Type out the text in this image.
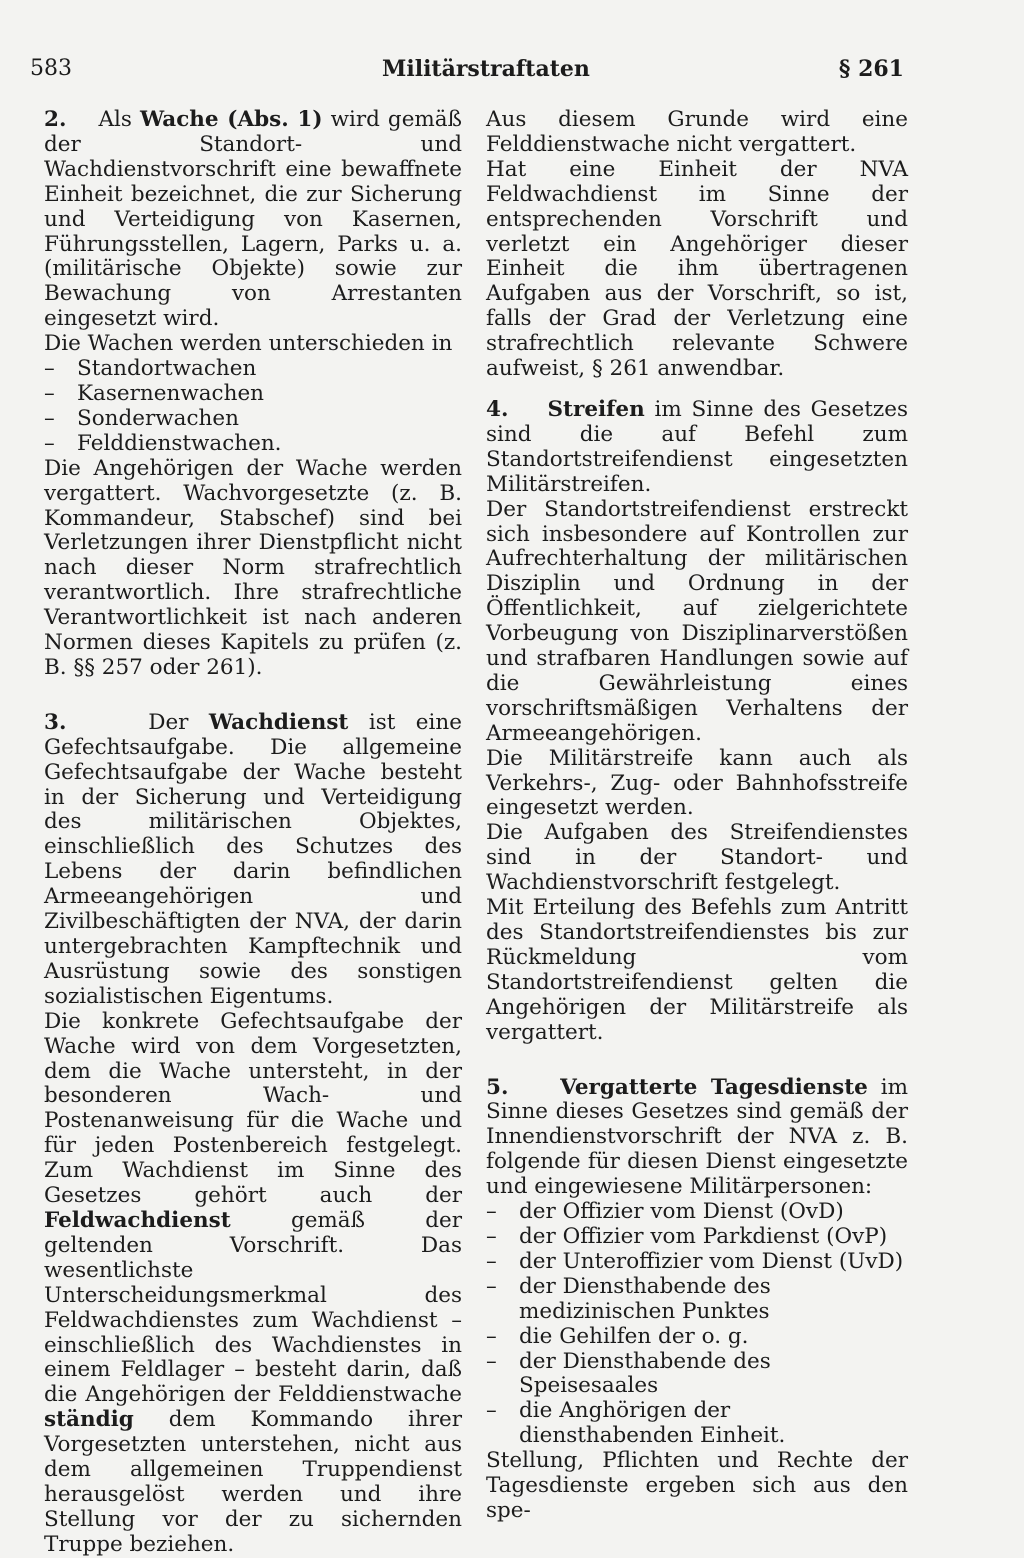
583	Militärstraftaten	§ 261

2. Als Wache (Abs. 1) wird gemäß der Standort- und Wachdienstvorschrift eine bewaffnete Einheit bezeichnet, die zur Sicherung und Verteidigung von Kasernen, Führungsstellen, Lagern, Parks u. a. (militärische Objekte) sowie zur Bewachung von Arrestanten eingesetzt wird.

Die Wachen werden unterschieden in

– Standortwachen
– Kasernenwachen
– Sonderwachen
– Felddienstwachen.

Die Angehörigen der Wache werden vergattert. Wachvorgesetzte (z. B. Kommandeur, Stabschef) sind bei Verletzungen ihrer Dienstpflicht nicht nach dieser Norm strafrechtlich verantwortlich. Ihre strafrechtliche Verantwortlichkeit ist nach anderen Normen dieses Kapitels zu prüfen (z. B. §§ 257 oder 261).

3.	Der Wachdienst ist eine Gefechtsaufgabe. Die allgemeine Gefechtsaufgabe der Wache besteht in der Sicherung und Verteidigung des militärischen Objektes, einschließlich des Schutzes des Lebens der darin befindlichen Armeeangehörigen und Zivilbeschäftigten der NVA, der darin untergebrachten Kampftechnik und Ausrüstung sowie des sonstigen sozialistischen Eigentums.

Die konkrete Gefechtsaufgabe der Wache wird von dem Vorgesetzten, dem die Wache untersteht, in der besonderen Wach- und Postenanweisung für die Wache und für jeden Postenbereich festgelegt. Zum Wachdienst im Sinne des Gesetzes gehört auch der Feldwachdienst	gemäß der geltenden Vorschrift. Das wesentlichste Unterscheidungsmerkmal des Feldwachdienstes zum Wachdienst – einschließlich des Wachdienstes in einem Feldlager – besteht darin, daß die Angehörigen der Felddienstwache ständig dem Kommando ihrer Vorgesetzten unterstehen, nicht aus dem allgemeinen Truppendienst herausgelöst werden und ihre Stellung vor der zu sichernden Truppe beziehen.

Aus diesem Grunde wird eine Felddienstwache nicht vergattert.

Hat eine Einheit der NVA Feldwachdienst im Sinne der entsprechenden Vorschrift und verletzt ein Angehöriger dieser Einheit die ihm übertragenen Aufgaben aus der Vorschrift, so ist, falls der Grad der Verletzung eine strafrechtlich relevante Schwere aufweist, § 261 anwendbar.

4. Streifen im Sinne des Gesetzes sind die auf Befehl zum Standortstreifendienst eingesetzten Militärstreifen.

Der Standortstreifendienst erstreckt sich insbesondere auf Kontrollen zur Aufrechterhaltung der militärischen Disziplin und Ordnung in der Öffentlichkeit, auf zielgerichtete Vorbeugung von Disziplinarverstößen und strafbaren Handlungen sowie auf die Gewährleistung eines vorschriftsmäßigen Verhaltens der Armeeangehörigen.

Die Militärstreife kann auch als Verkehrs-, Zug- oder Bahnhofsstreife eingesetzt werden.

Die Aufgaben des Streifendienstes sind in der Standort- und Wachdienstvorschrift festgelegt.

Mit Erteilung des Befehls zum Antritt des Standortstreifendienstes bis zur Rückmeldung vom Standortstreifendienst gelten die Angehörigen der Militärstreife als vergattert.

5. Vergatterte Tagesdienste im Sinne dieses Gesetzes sind gemäß der Innendienstvorschrift der NVA z. B. folgende für diesen Dienst eingesetzte und eingewiesene Militärpersonen:

– der Offizier vom Dienst (OvD)
– der Offizier vom Parkdienst (OvP)
– der Unteroffizier vom Dienst (UvD)
– der Diensthabende des medizinischen Punktes
– die Gehilfen der o. g.
– der Diensthabende des Speisesaales
– die Anghörigen der diensthabenden Einheit.

Stellung, Pflichten und Rechte der Tagesdienste ergeben sich aus den spe-
